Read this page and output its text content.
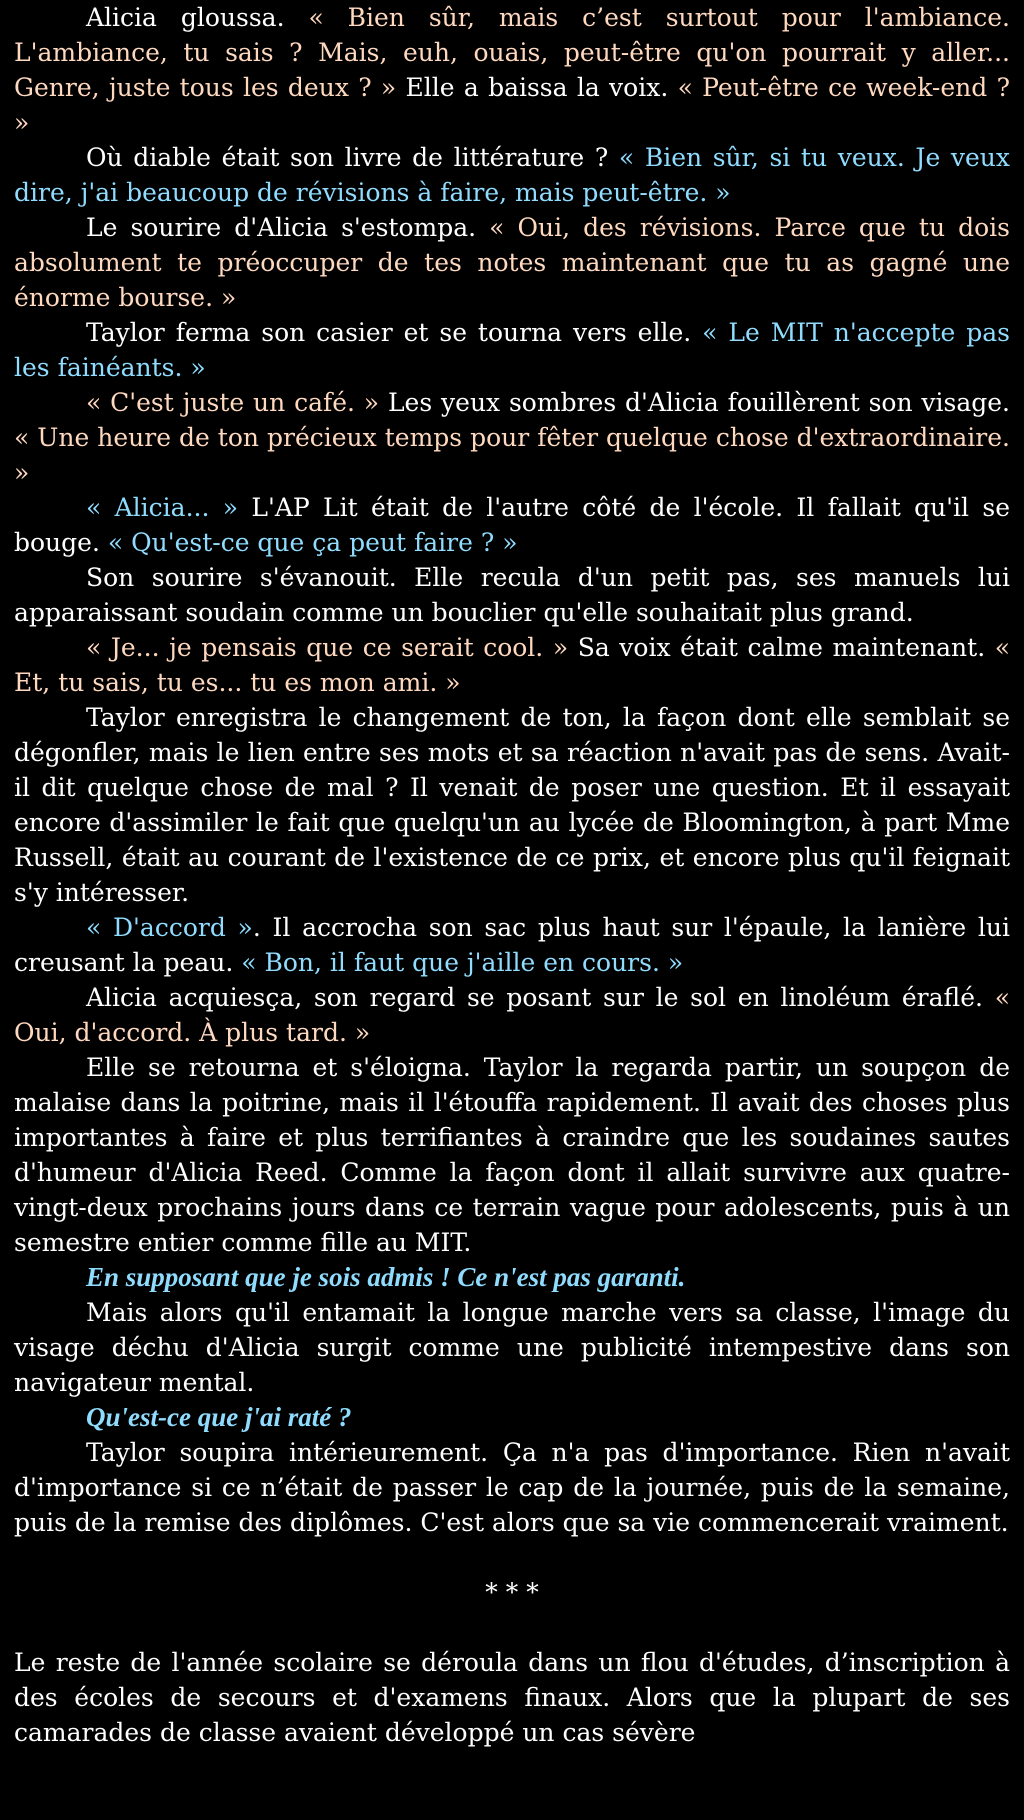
Alicia gloussa. « Bien sûr, mais c’est surtout pour l'ambiance. L'ambiance, tu sais ? Mais, euh, ouais, peut-être qu'on pourrait y aller... Genre, juste tous les deux ? » Elle a baissa la voix. « Peut-être ce week-end ? »

Où diable était son livre de littérature ? « Bien sûr, si tu veux. Je veux dire, j'ai beaucoup de révisions à faire, mais peut-être. »

Le sourire d'Alicia s'estompa. « Oui, des révisions. Parce que tu dois absolument te préoccuper de tes notes maintenant que tu as gagné une énorme bourse. »

Taylor ferma son casier et se tourna vers elle. « Le MIT n'accepte pas les fainéants. »

« C'est juste un café. » Les yeux sombres d'Alicia fouillèrent son visage. « Une heure de ton précieux temps pour fêter quelque chose d'extraordinaire. »

« Alicia... » L'AP Lit était de l'autre côté de l'école. Il fallait qu'il se bouge. « Qu'est-ce que ça peut faire ? »

Son sourire s'évanouit. Elle recula d'un petit pas, ses manuels lui apparaissant soudain comme un bouclier qu'elle souhaitait plus grand.

« Je... je pensais que ce serait cool. » Sa voix était calme maintenant. « Et, tu sais, tu es... tu es mon ami. »

Taylor enregistra le changement de ton, la façon dont elle semblait se dégonfler, mais le lien entre ses mots et sa réaction n'avait pas de sens. Avait-il dit quelque chose de mal ? Il venait de poser une question. Et il essayait encore d'assimiler le fait que quelqu'un au lycée de Bloomington, à part Mme Russell, était au courant de l'existence de ce prix, et encore plus qu'il feignait s'y intéresser.

« D'accord ». Il accrocha son sac plus haut sur l'épaule, la lanière lui creusant la peau. « Bon, il faut que j'aille en cours. »

Alicia acquiesça, son regard se posant sur le sol en linoléum éraflé. « Oui, d'accord. À plus tard. »

Elle se retourna et s'éloigna. Taylor la regarda partir, un soupçon de malaise dans la poitrine, mais il l'étouffa rapidement. Il avait des choses plus importantes à faire et plus terrifiantes à craindre que les soudaines sautes d'humeur d'Alicia Reed. Comme la façon dont il allait survivre aux quatre-vingt-deux prochains jours dans ce terrain vague pour adolescents, puis à un semestre entier comme fille au MIT.

En supposant que je sois admis ! Ce n'est pas garanti.

Mais alors qu'il entamait la longue marche vers sa classe, l'image du visage déchu d'Alicia surgit comme une publicité intempestive dans son navigateur mental.

Qu'est-ce que j'ai raté ?

Taylor soupira intérieurement. Ça n'a pas d'importance. Rien n'avait d'importance si ce n’était de passer le cap de la journée, puis de la semaine, puis de la remise des diplômes. C'est alors que sa vie commencerait vraiment.

* * *

Le reste de l'année scolaire se déroula dans un flou d'études, d’inscription à des écoles de secours et d'examens finaux. Alors que la plupart de ses camarades de classe avaient développé un cas sévère
